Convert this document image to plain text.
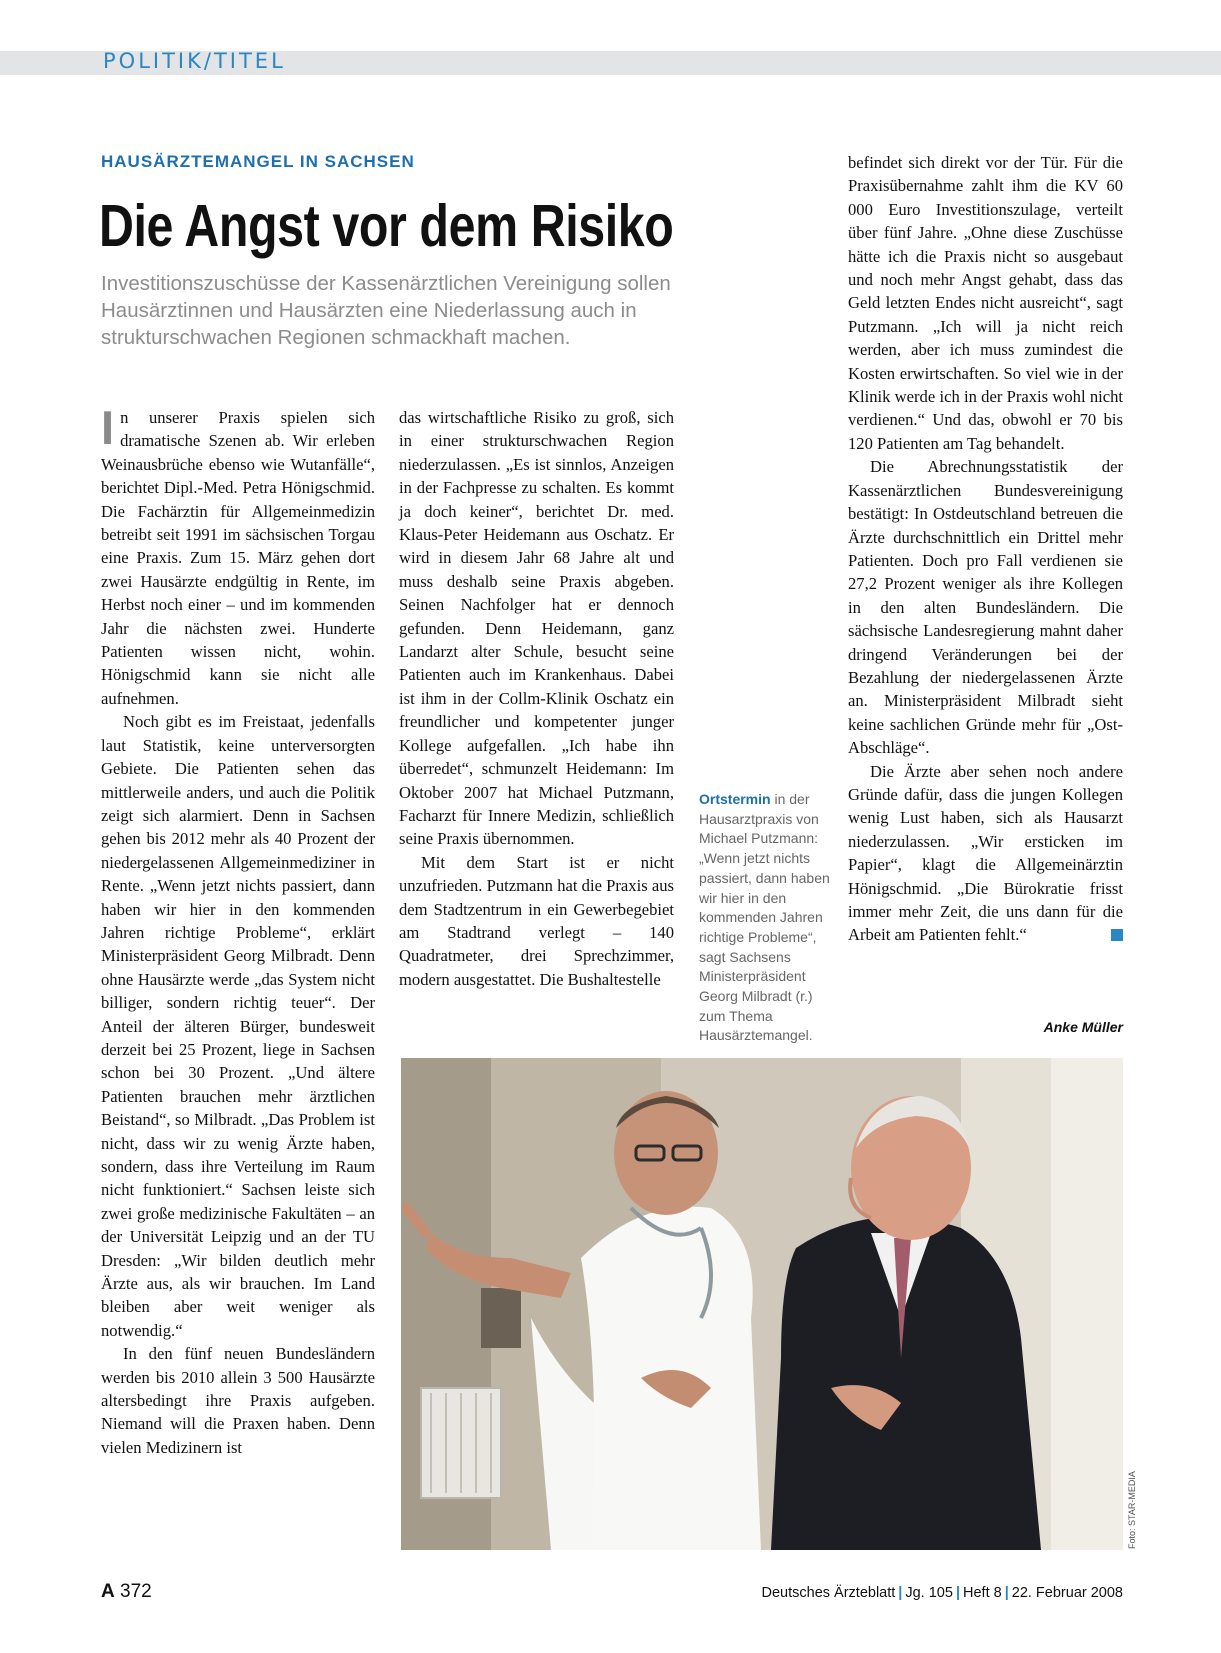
POLITIK/TITEL
HAUSÄRZTEMANGEL IN SACHSEN
Die Angst vor dem Risiko
Investitionszuschüsse der Kassenärztlichen Vereinigung sollen Hausärztinnen und Hausärzten eine Niederlassung auch in strukturschwachen Regionen schmackhaft machen.

In unserer Praxis spielen sich dramatische Szenen ab. Wir erleben Weinausbrüche ebenso wie Wutanfälle“, berichtet Dipl.-Med. Petra Hönigschmid. Die Fachärztin für Allgemeinmedizin betreibt seit 1991 im sächsischen Torgau eine Praxis. Zum 15. März gehen dort zwei Hausärzte endgültig in Rente, im Herbst noch einer – und im kommenden Jahr die nächsten zwei. Hunderte Patienten wissen nicht, wohin. Hönigschmid kann sie nicht alle aufnehmen.

Noch gibt es im Freistaat, jedenfalls laut Statistik, keine unterversorgten Gebiete. Die Patienten sehen das mittlerweile anders, und auch die Politik zeigt sich alarmiert. Denn in Sachsen gehen bis 2012 mehr als 40 Prozent der niedergelassenen Allgemeinmediziner in Rente. „Wenn jetzt nichts passiert, dann haben wir hier in den kommenden Jahren richtige Probleme“, erklärt Ministerpräsident Georg Milbradt. Denn ohne Hausärzte werde „das System nicht billiger, sondern richtig teuer“. Der Anteil der älteren Bürger, bundesweit derzeit bei 25 Prozent, liege in Sachsen schon bei 30 Prozent. „Und ältere Patienten brauchen mehr ärztlichen Beistand“, so Milbradt. „Das Problem ist nicht, dass wir zu wenig Ärzte haben, sondern, dass ihre Verteilung im Raum nicht funktioniert.“ Sachsen leiste sich zwei große medizinische Fakultäten – an der Universität Leipzig und an der TU Dresden: „Wir bilden deutlich mehr Ärzte aus, als wir brauchen. Im Land bleiben aber weit weniger als notwendig.“

In den fünf neuen Bundesländern werden bis 2010 allein 3 500 Hausärzte altersbedingt ihre Praxis aufgeben. Niemand will die Praxen haben. Denn vielen Medizinern ist

das wirtschaftliche Risiko zu groß, sich in einer strukturschwachen Region niederzulassen. „Es ist sinnlos, Anzeigen in der Fachpresse zu schalten. Es kommt ja doch keiner“, berichtet Dr. med. Klaus-Peter Heidemann aus Oschatz. Er wird in diesem Jahr 68 Jahre alt und muss deshalb seine Praxis abgeben. Seinen Nachfolger hat er dennoch gefunden. Denn Heidemann, ganz Landarzt alter Schule, besucht seine Patienten auch im Krankenhaus. Dabei ist ihm in der Collm-Klinik Oschatz ein freundlicher und kompetenter junger Kollege aufgefallen. „Ich habe ihn überredet“, schmunzelt Heidemann: Im Oktober 2007 hat Michael Putzmann, Facharzt für Innere Medizin, schließlich seine Praxis übernommen.

Mit dem Start ist er nicht unzufrieden. Putzmann hat die Praxis aus dem Stadtzentrum in ein Gewerbegebiet am Stadtrand verlegt – 140 Quadratmeter, drei Sprechzimmer, modern ausgestattet. Die Bushaltestelle

befindet sich direkt vor der Tür. Für die Praxisübernahme zahlt ihm die KV 60 000 Euro Investitionszulage, verteilt über fünf Jahre. „Ohne diese Zuschüsse hätte ich die Praxis nicht so ausgebaut und noch mehr Angst gehabt, dass das Geld letzten Endes nicht ausreicht“, sagt Putzmann. „Ich will ja nicht reich werden, aber ich muss zumindest die Kosten erwirtschaften. So viel wie in der Klinik werde ich in der Praxis wohl nicht verdienen.“ Und das, obwohl er 70 bis 120 Patienten am Tag behandelt.

Die Abrechnungsstatistik der Kassenärztlichen Bundesvereinigung bestätigt: In Ostdeutschland betreuen die Ärzte durchschnittlich ein Drittel mehr Patienten. Doch pro Fall verdienen sie 27,2 Prozent weniger als ihre Kollegen in den alten Bundesländern. Die sächsische Landesregierung mahnt daher dringend Veränderungen bei der Bezahlung der niedergelassenen Ärzte an. Ministerpräsident Milbradt sieht keine sachlichen Gründe mehr für „Ost-Abschläge“.

Die Ärzte aber sehen noch andere Gründe dafür, dass die jungen Kollegen wenig Lust haben, sich als Hausarzt niederzulassen. „Wir ersticken im Papier“, klagt die Allgemeinärztin Hönigschmid. „Die Bürokratie frisst immer mehr Zeit, die uns dann für die Arbeit am Patienten fehlt.“

Anke Müller
Ortstermin in der Hausarztpraxis von Michael Putzmann: „Wenn jetzt nichts passiert, dann haben wir hier in den kommenden Jahren richtige Probleme“, sagt Sachsens Ministerpräsident Georg Milbradt (r.) zum Thema Hausärztemangel.
Foto: STAR-MEDIA
A 372	Deutsches Ärzteblatt | Jg. 105 | Heft 8 | 22. Februar 2008
